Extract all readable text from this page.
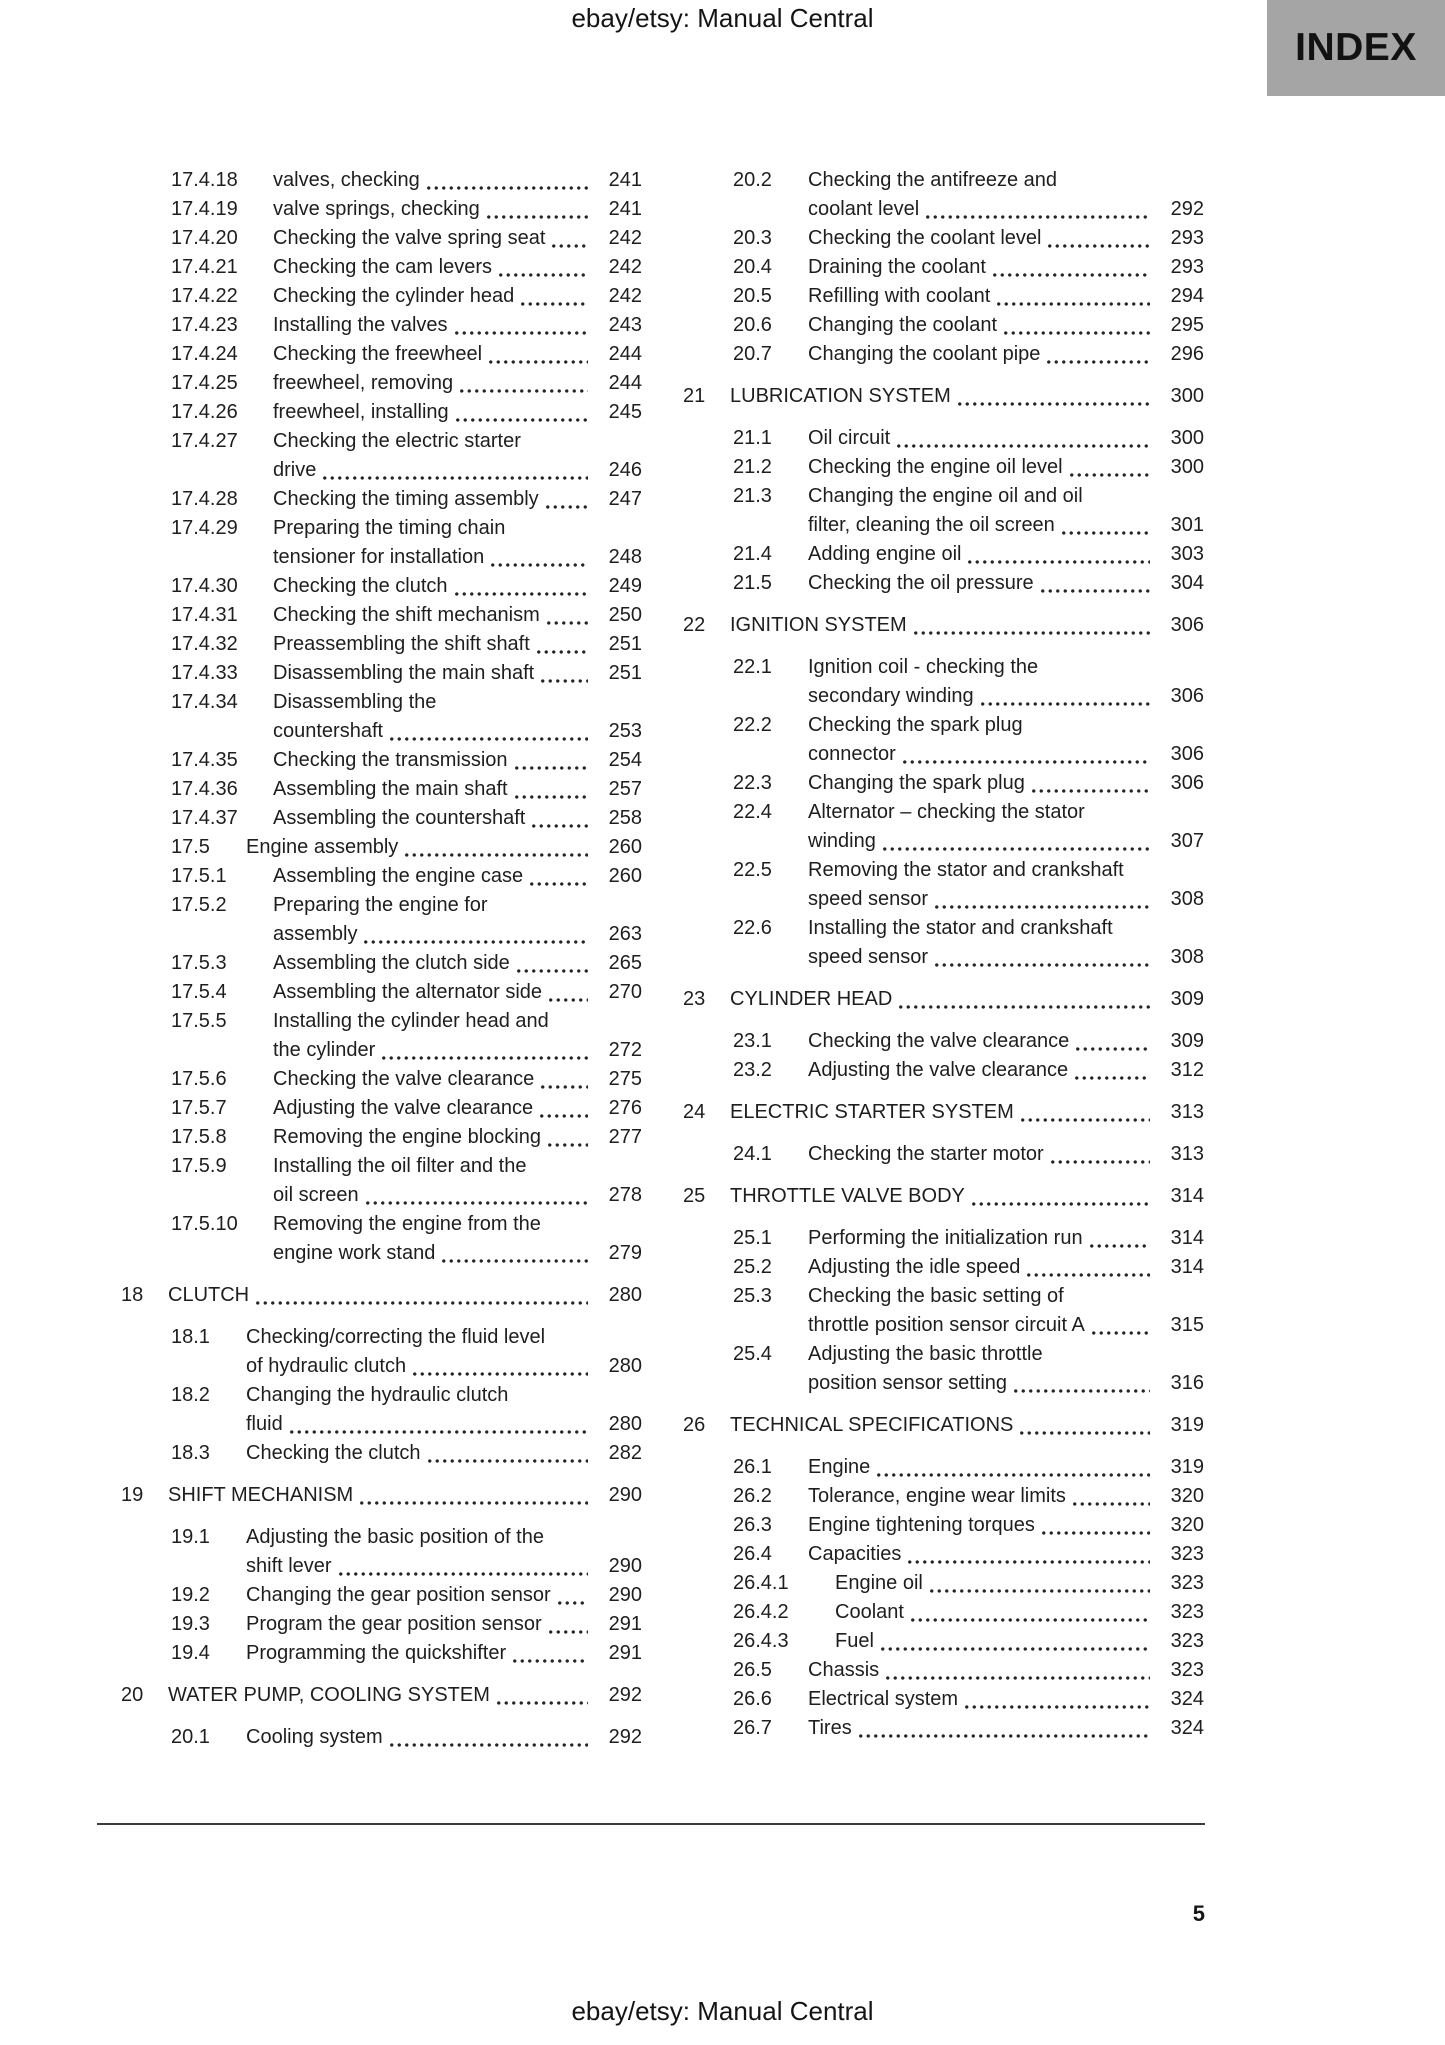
ebay/etsy: Manual Central
INDEX
17.4.18	valves, checking	241
17.4.19	valve springs, checking	241
17.4.20	Checking the valve spring seat	242
17.4.21	Checking the cam levers	242
17.4.22	Checking the cylinder head	242
17.4.23	Installing the valves	243
17.4.24	Checking the freewheel	244
17.4.25	freewheel, removing	244
17.4.26	freewheel, installing	245
17.4.27	Checking the electric starter
drive	246
17.4.28	Checking the timing assembly	247
17.4.29	Preparing the timing chain
tensioner for installation	248
17.4.30	Checking the clutch	249
17.4.31	Checking the shift mechanism	250
17.4.32	Preassembling the shift shaft	251
17.4.33	Disassembling the main shaft	251
17.4.34	Disassembling the
countershaft	253
17.4.35	Checking the transmission	254
17.4.36	Assembling the main shaft	257
17.4.37	Assembling the countershaft	258
17.5	Engine assembly	260
17.5.1	Assembling the engine case	260
17.5.2	Preparing the engine for
assembly	263
17.5.3	Assembling the clutch side	265
17.5.4	Assembling the alternator side	270
17.5.5	Installing the cylinder head and
the cylinder	272
17.5.6	Checking the valve clearance	275
17.5.7	Adjusting the valve clearance	276
17.5.8	Removing the engine blocking	277
17.5.9	Installing the oil filter and the
oil screen	278
17.5.10	Removing the engine from the
engine work stand	279
18	CLUTCH	280
18.1	Checking/correcting the fluid level
of hydraulic clutch	280
18.2	Changing the hydraulic clutch
fluid	280
18.3	Checking the clutch	282
19	SHIFT MECHANISM	290
19.1	Adjusting the basic position of the
shift lever	290
19.2	Changing the gear position sensor	290
19.3	Program the gear position sensor	291
19.4	Programming the quickshifter	291
20	WATER PUMP, COOLING SYSTEM	292
20.1	Cooling system	292
20.2	Checking the antifreeze and
coolant level	292
20.3	Checking the coolant level	293
20.4	Draining the coolant	293
20.5	Refilling with coolant	294
20.6	Changing the coolant	295
20.7	Changing the coolant pipe	296
21	LUBRICATION SYSTEM	300
21.1	Oil circuit	300
21.2	Checking the engine oil level	300
21.3	Changing the engine oil and oil
filter, cleaning the oil screen	301
21.4	Adding engine oil	303
21.5	Checking the oil pressure	304
22	IGNITION SYSTEM	306
22.1	Ignition coil - checking the
secondary winding	306
22.2	Checking the spark plug
connector	306
22.3	Changing the spark plug	306
22.4	Alternator – checking the stator
winding	307
22.5	Removing the stator and crankshaft
speed sensor	308
22.6	Installing the stator and crankshaft
speed sensor	308
23	CYLINDER HEAD	309
23.1	Checking the valve clearance	309
23.2	Adjusting the valve clearance	312
24	ELECTRIC STARTER SYSTEM	313
24.1	Checking the starter motor	313
25	THROTTLE VALVE BODY	314
25.1	Performing the initialization run	314
25.2	Adjusting the idle speed	314
25.3	Checking the basic setting of
throttle position sensor circuit A	315
25.4	Adjusting the basic throttle
position sensor setting	316
26	TECHNICAL SPECIFICATIONS	319
26.1	Engine	319
26.2	Tolerance, engine wear limits	320
26.3	Engine tightening torques	320
26.4	Capacities	323
26.4.1	Engine oil	323
26.4.2	Coolant	323
26.4.3	Fuel	323
26.5	Chassis	323
26.6	Electrical system	324
26.7	Tires	324
5
ebay/etsy: Manual Central
